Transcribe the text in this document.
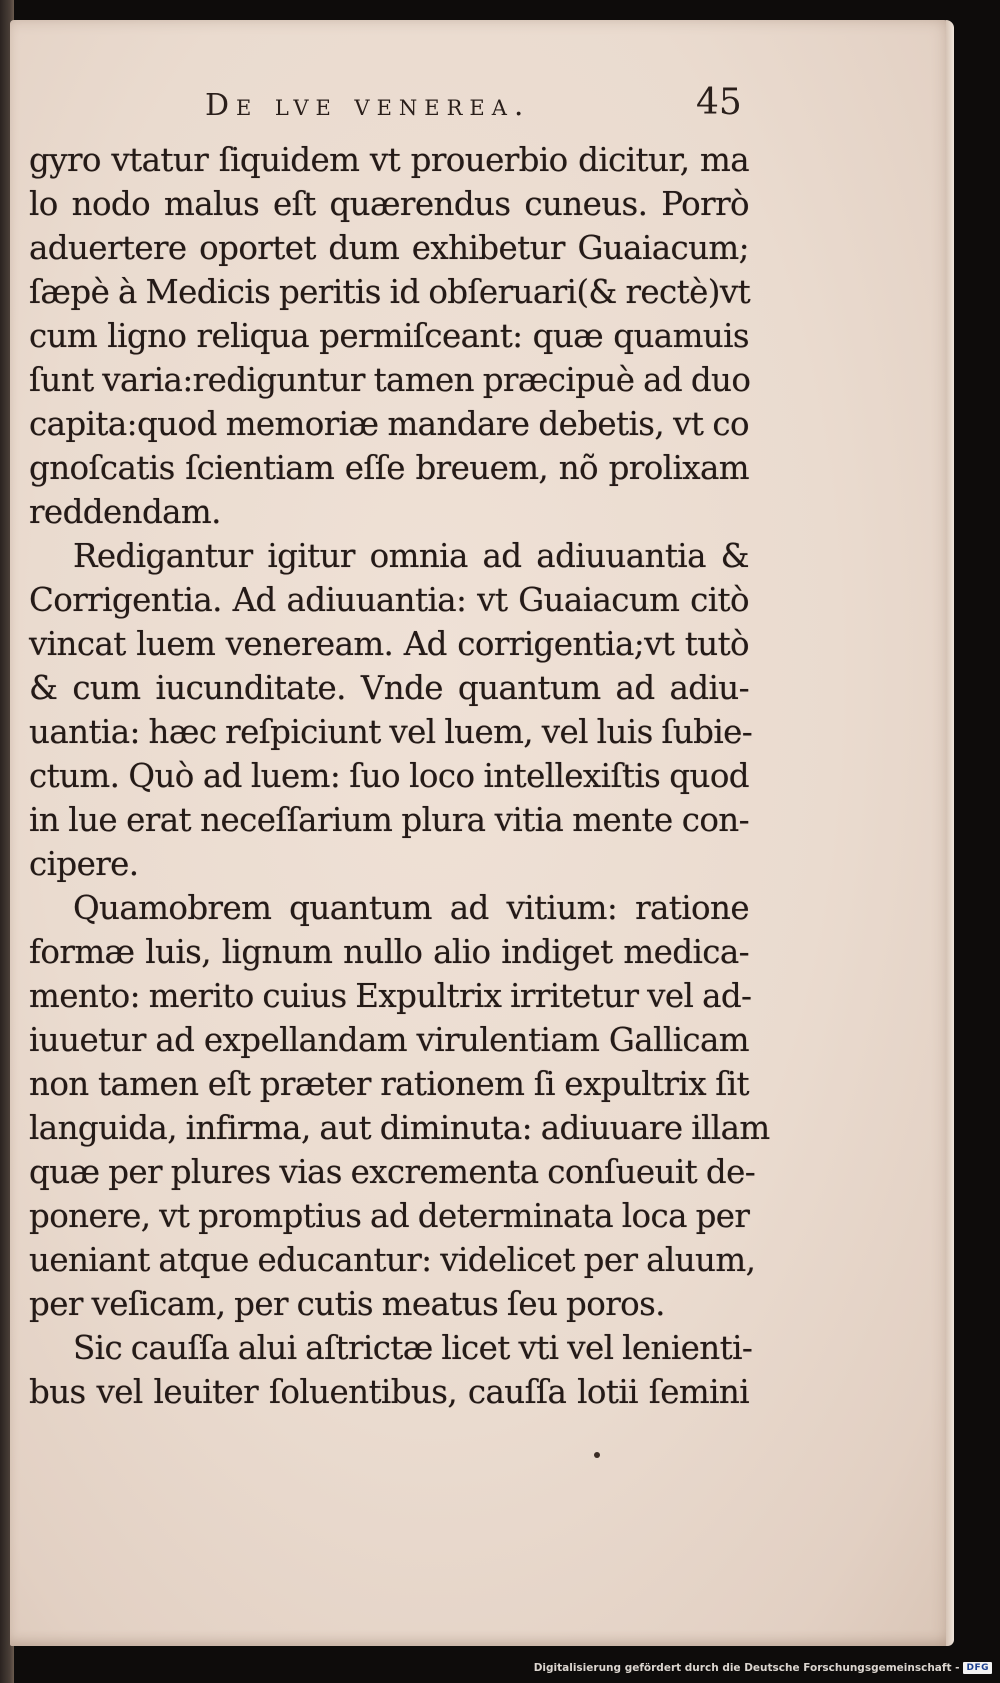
De lve venerea.	45
gyro vtatur ſiquidem vt prouerbio dicitur, ma
lo nodo malus eſt quærendus cuneus. Porrò
aduertere oportet dum exhibetur Guaiacum;
ſæpè à Medicis peritis id obſeruari(& rectè)vt
cum ligno reliqua permiſceant: quæ quamuis
ſunt varia:rediguntur tamen præcipuè ad duo
capita:quod memoriæ mandare debetis, vt co
gnoſcatis ſcientiam eſſe breuem, nõ prolixam
reddendam.
Redigantur igitur omnia ad adiuuantia &
Corrigentia. Ad adiuuantia: vt Guaiacum citò
vincat luem veneream. Ad corrigentia;vt tutò
& cum iucunditate. Vnde quantum ad adiu-
uantia: hæc reſpiciunt vel luem, vel luis ſubie-
ctum. Quò ad luem: ſuo loco intellexiſtis quod
in lue erat neceſſarium plura vitia mente con-
cipere.
Quamobrem quantum ad vitium: ratione
formæ luis, lignum nullo alio indiget medica-
mento: merito cuius Expultrix irritetur vel ad-
iuuetur ad expellandam virulentiam Gallicam
non tamen eſt præter rationem ſi expultrix ſit
languida, infirma, aut diminuta: adiuuare illam
quæ per plures vias excrementa conſueuit de-
ponere, vt promptius ad determinata loca per
ueniant atque educantur: videlicet per aluum,
per veſicam, per cutis meatus ſeu poros.
Sic cauſſa alui aſtrictæ licet vti vel lenienti-
bus vel leuiter ſoluentibus, cauſſa lotii ſemini
Digitalisierung gefördert durch die Deutsche Forschungsgemeinschaft - DFG
